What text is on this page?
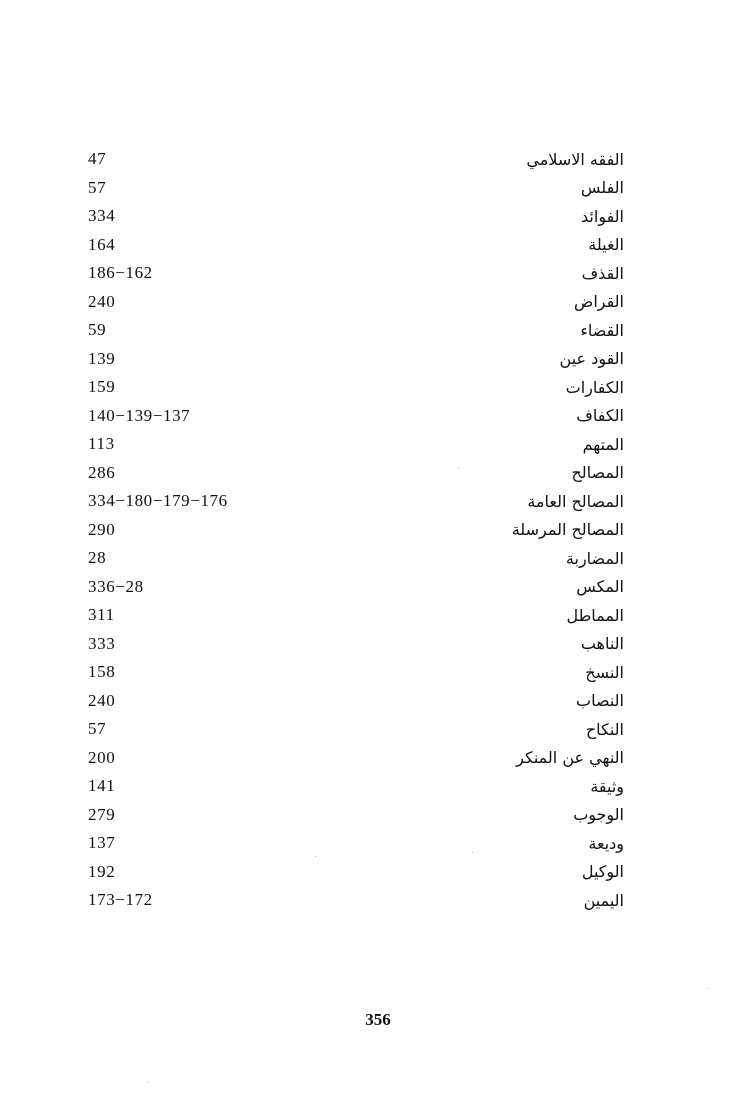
47	الفقه الاسلامي
57	الفلس
334	الفوائد
164	الغيلة
186−162	القذف
240	القراض
59	القضاء
139	القود عين
159	الكفارات
140−139−137	الكفاف
113	المتهم
286	المصالح
334−180−179−176	المصالح العامة
290	المصالح المرسلة
28	المضاربة
336−28	المكس
311	المماطل
333	الناهب
158	النسخ
240	النصاب
57	النكاح
200	النهي عن المنكر
141	وثيقة
279	الوجوب
137	وديعة
192	الوكيل
173−172	اليمين
356
